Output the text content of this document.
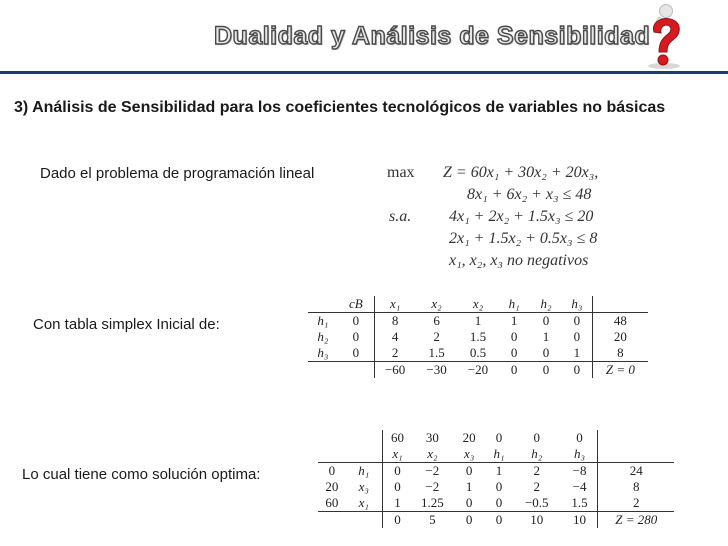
Dualidad y Análisis de Sensibilidad
3) Análisis de Sensibilidad para los coeficientes tecnológicos de variables no básicas
Dado el problema de programación lineal	max Z = 60x₁ + 30x₂ + 20x₃,
8x₁ + 6x₂ + x₃ ≤ 48
s.a. 4x₁ + 2x₂ + 1.5x₃ ≤ 20
2x₁ + 1.5x₂ + 0.5x₃ ≤ 8
x₁, x₂, x₃ no negativos
Con tabla simplex Inicial de:
	cB	x₁	x₂	x₂	h₁	h₂	h₃	
h₁	0	8	6	1	1	0	0	48
h₂	0	4	2	1.5	0	1	0	20
h₃	0	2	1.5	0.5	0	0	1	8
		−60	−30	−20	0	0	0	Z = 0
Lo cual tiene como solución optima:
		60	30	20	0	0	0	
		x₁	x₂	x₃	h₁	h₂	h₃	
0	h₁	0	−2	0	1	2	−8	24
20	x₃	0	−2	1	0	2	−4	8
60	x₁	1	1.25	0	0	−0.5	1.5	2
		0	5	0	0	10	10	Z = 280
